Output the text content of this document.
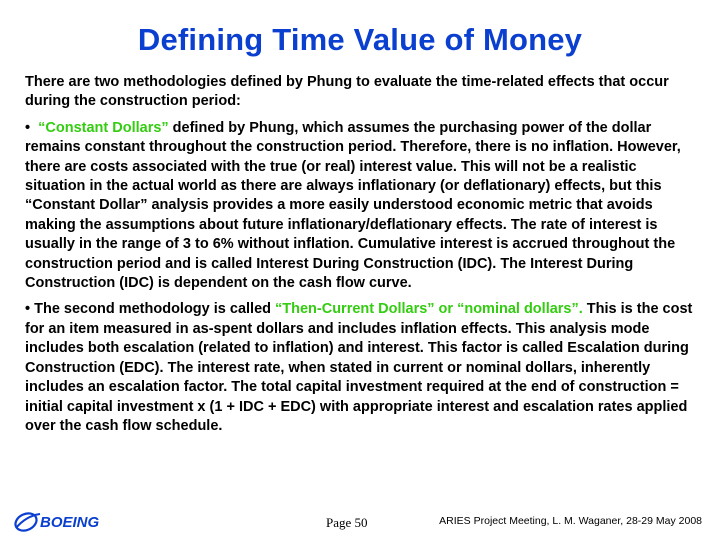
Defining Time Value of Money

There are two methodologies defined by Phung to evaluate the time-related effects that occur during the construction period:

• “Constant Dollars” defined by Phung, which assumes the purchasing power of the dollar remains constant throughout the construction period. Therefore, there is no inflation. However, there are costs associated with the true (or real) interest value. This will not be a realistic situation in the actual world as there are always inflationary (or deflationary) effects, but this “Constant Dollar” analysis provides a more easily understood economic metric that avoids making the assumptions about future inflationary/deflationary effects. The rate of interest is usually in the range of 3 to 6% without inflation. Cumulative interest is accrued throughout the construction period and is called Interest During Construction (IDC). The Interest During Construction (IDC) is dependent on the cash flow curve.

• The second methodology is called “Then-Current Dollars” or “nominal dollars”. This is the cost for an item measured in as-spent dollars and includes inflation effects. This analysis mode includes both escalation (related to inflation) and interest. This factor is called Escalation during Construction (EDC). The interest rate, when stated in current or nominal dollars, inherently includes an escalation factor. The total capital investment required at the end of construction = initial capital investment x (1 + IDC + EDC) with appropriate interest and escalation rates applied over the cash flow schedule.

BOEING	Page 50	ARIES Project Meeting, L. M. Waganer, 28-29 May 2008
